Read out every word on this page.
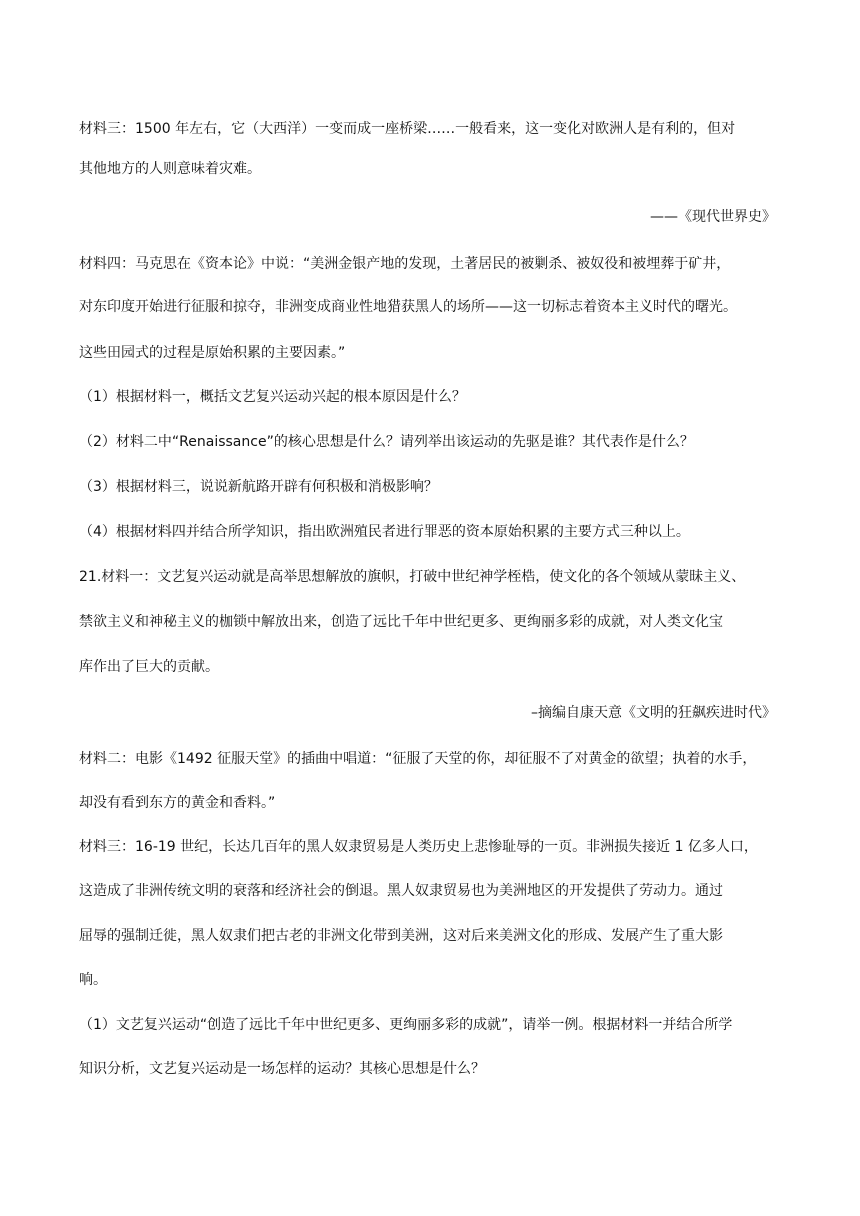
材料三：1500 年左右，它（大西洋）一变而成一座桥梁……一般看来，这一变化对欧洲人是有利的，但对
其他地方的人则意味着灾难。
——《现代世界史》
材料四：马克思在《资本论》中说：“美洲金银产地的发现，土著居民的被剿杀、被奴役和被埋葬于矿井，
对东印度开始进行征服和掠夺，非洲变成商业性地猎获黑人的场所——这一切标志着资本主义时代的曙光。
这些田园式的过程是原始积累的主要因素。”
（1）根据材料一，概括文艺复兴运动兴起的根本原因是什么？
（2）材料二中“Renaissance”的核心思想是什么？请列举出该运动的先驱是谁？其代表作是什么？
（3）根据材料三，说说新航路开辟有何积极和消极影响？
（4）根据材料四并结合所学知识，指出欧洲殖民者进行罪恶的资本原始积累的主要方式三种以上。
21.材料一：文艺复兴运动就是高举思想解放的旗帜，打破中世纪神学桎梏，使文化的各个领域从蒙昧主义、
禁欲主义和神秘主义的枷锁中解放出来，创造了远比千年中世纪更多、更绚丽多彩的成就，对人类文化宝
库作出了巨大的贡献。
–摘编自康天意《文明的狂飙疾进时代》
材料二：电影《1492 征服天堂》的插曲中唱道：“征服了天堂的你，却征服不了对黄金的欲望；执着的水手，
却没有看到东方的黄金和香料。”
材料三：16-19 世纪，长达几百年的黑人奴隶贸易是人类历史上悲惨耻辱的一页。非洲损失接近 1 亿多人口，
这造成了非洲传统文明的衰落和经济社会的倒退。黑人奴隶贸易也为美洲地区的开发提供了劳动力。通过
屈辱的强制迁徙，黑人奴隶们把古老的非洲文化带到美洲，这对后来美洲文化的形成、发展产生了重大影
响。
（1）文艺复兴运动“创造了远比千年中世纪更多、更绚丽多彩的成就”，请举一例。根据材料一并结合所学
知识分析，文艺复兴运动是一场怎样的运动？其核心思想是什么？
